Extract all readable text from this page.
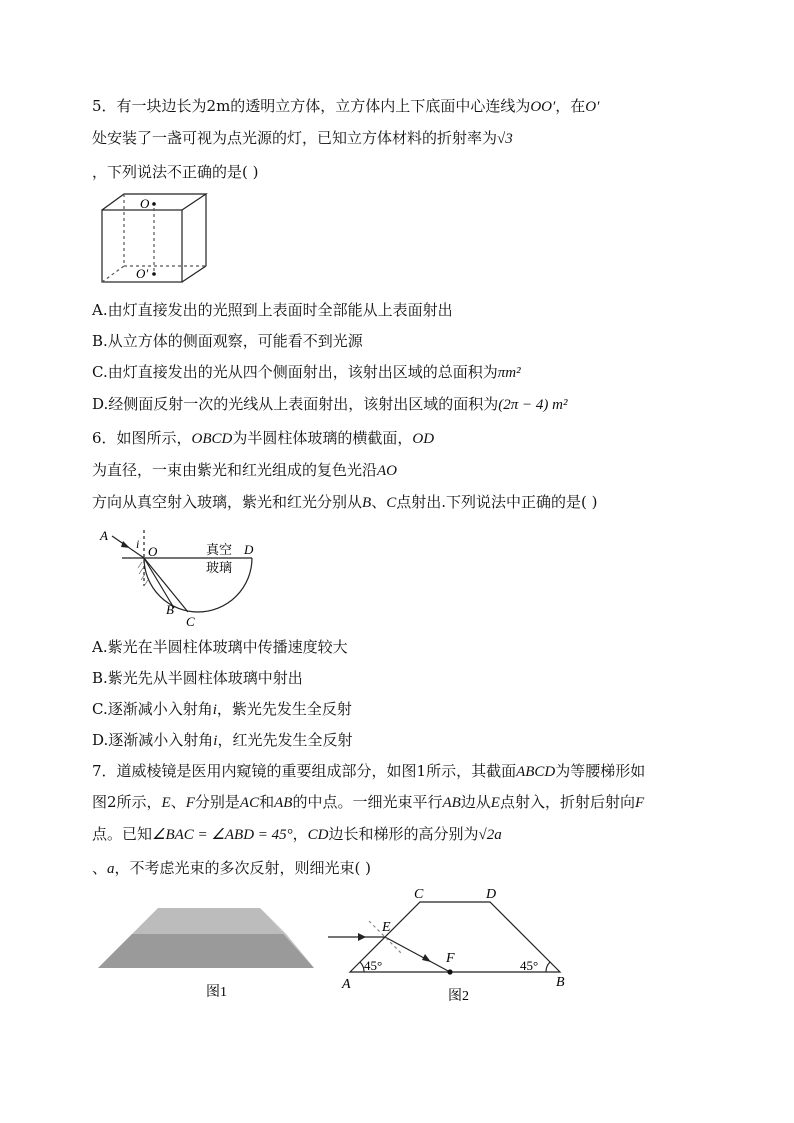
5．有一块边长为2m的透明立方体，立方体内上下底面中心连线为OO′，在O′
处安装了一盏可视为点光源的灯，已知立方体材料的折射率为√3
，下列说法不正确的是( )
O
O′
A.由灯直接发出的光照到上表面时全部能从上表面射出
B.从立方体的侧面观察，可能看不到光源
C.由灯直接发出的光从四个侧面射出，该射出区域的总面积为πm²
D.经侧面反射一次的光线从上表面射出，该射出区域的面积为(2π − 4) m²
6．如图所示，OBCD为半圆柱体玻璃的横截面，OD
为直径，一束由紫光和红光组成的复色光沿AO
方向从真空射入玻璃，紫光和红光分别从B、C点射出.下列说法中正确的是( )
A
i O	真空
玻璃
D
B
C
A.紫光在半圆柱体玻璃中传播速度较大
B.紫光先从半圆柱体玻璃中射出
C.逐渐减小入射角i，紫光先发生全反射
D.逐渐减小入射角i，红光先发生全反射
7．道威棱镜是医用内窥镜的重要组成部分，如图1所示，其截面ABCD为等腰梯形如
图2所示，E、F分别是AC和AB的中点。一细光束平行AB边从E点射入，折射后射向F
点。已知∠BAC = ∠ABD = 45°，CD边长和梯形的高分别为√2a
、a，不考虑光束的多次反射，则细光束( )
图1
C	D
E
F
A	B
45°	45°
图2
